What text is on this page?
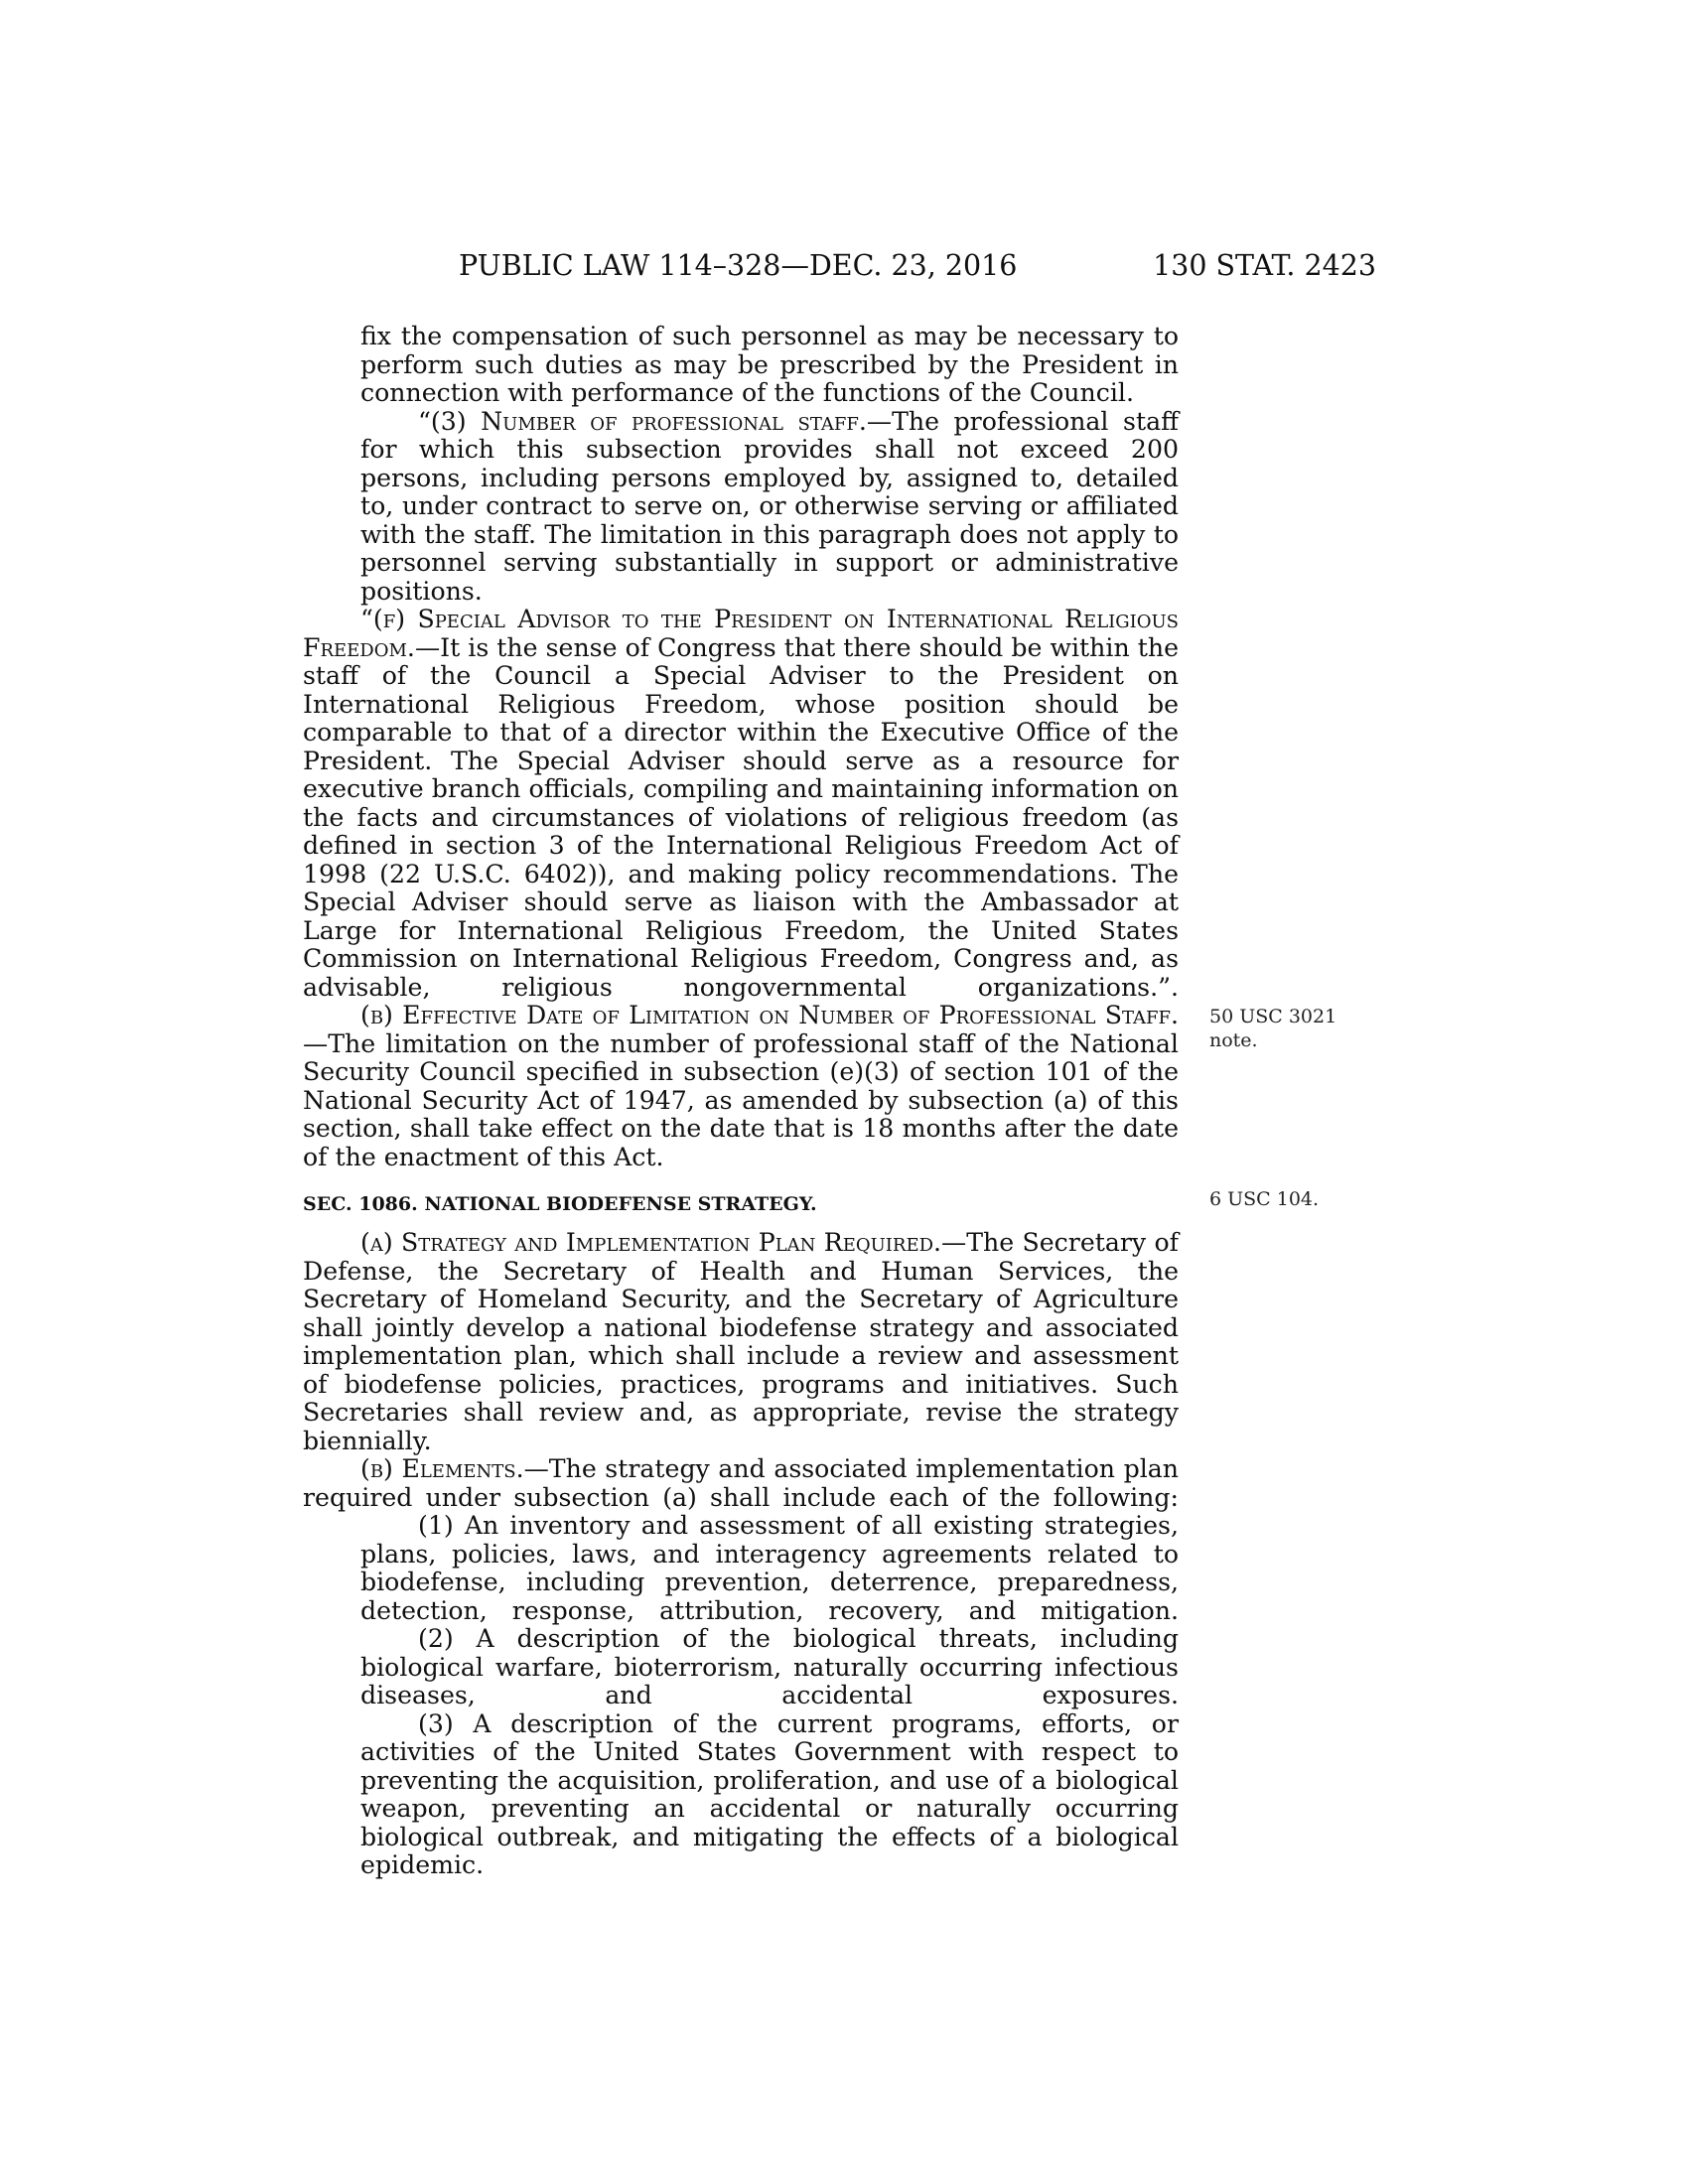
PUBLIC LAW 114–328—DEC. 23, 2016	130 STAT. 2423
50 USC 3021
note.
6 USC 104.

fix the compensation of such personnel as may be necessary to perform such duties as may be prescribed by the President in connection with performance of the functions of the Council.

“(3) Number of professional staff.—The professional staff for which this subsection provides shall not exceed 200 persons, including persons employed by, assigned to, detailed to, under contract to serve on, or otherwise serving or affiliated with the staff. The limitation in this paragraph does not apply to personnel serving substantially in support or administrative positions.

“(f) Special Advisor to the President on International Religious Freedom.—It is the sense of Congress that there should be within the staff of the Council a Special Adviser to the President on International Religious Freedom, whose position should be comparable to that of a director within the Executive Office of the President. The Special Adviser should serve as a resource for executive branch officials, compiling and maintaining information on the facts and circumstances of violations of religious freedom (as defined in section 3 of the International Religious Freedom Act of 1998 (22 U.S.C. 6402)), and making policy recommendations. The Special Adviser should serve as liaison with the Ambassador at Large for International Religious Freedom, the United States Commission on International Religious Freedom, Congress and, as advisable, religious nongovernmental organizations.”.

(b) Effective Date of Limitation on Number of Professional Staff.—The limitation on the number of professional staff of the National Security Council specified in subsection (e)(3) of section 101 of the National Security Act of 1947, as amended by subsection (a) of this section, shall take effect on the date that is 18 months after the date of the enactment of this Act.

SEC. 1086. NATIONAL BIODEFENSE STRATEGY.

(a) Strategy and Implementation Plan Required.—The Secretary of Defense, the Secretary of Health and Human Services, the Secretary of Homeland Security, and the Secretary of Agriculture shall jointly develop a national biodefense strategy and associated implementation plan, which shall include a review and assessment of biodefense policies, practices, programs and initiatives. Such Secretaries shall review and, as appropriate, revise the strategy biennially.

(b) Elements.—The strategy and associated implementation plan required under subsection (a) shall include each of the following:

(1) An inventory and assessment of all existing strategies, plans, policies, laws, and interagency agreements related to biodefense, including prevention, deterrence, preparedness, detection, response, attribution, recovery, and mitigation.

(2) A description of the biological threats, including biological warfare, bioterrorism, naturally occurring infectious diseases, and accidental exposures.

(3) A description of the current programs, efforts, or activities of the United States Government with respect to preventing the acquisition, proliferation, and use of a biological weapon, preventing an accidental or naturally occurring biological outbreak, and mitigating the effects of a biological epidemic.
